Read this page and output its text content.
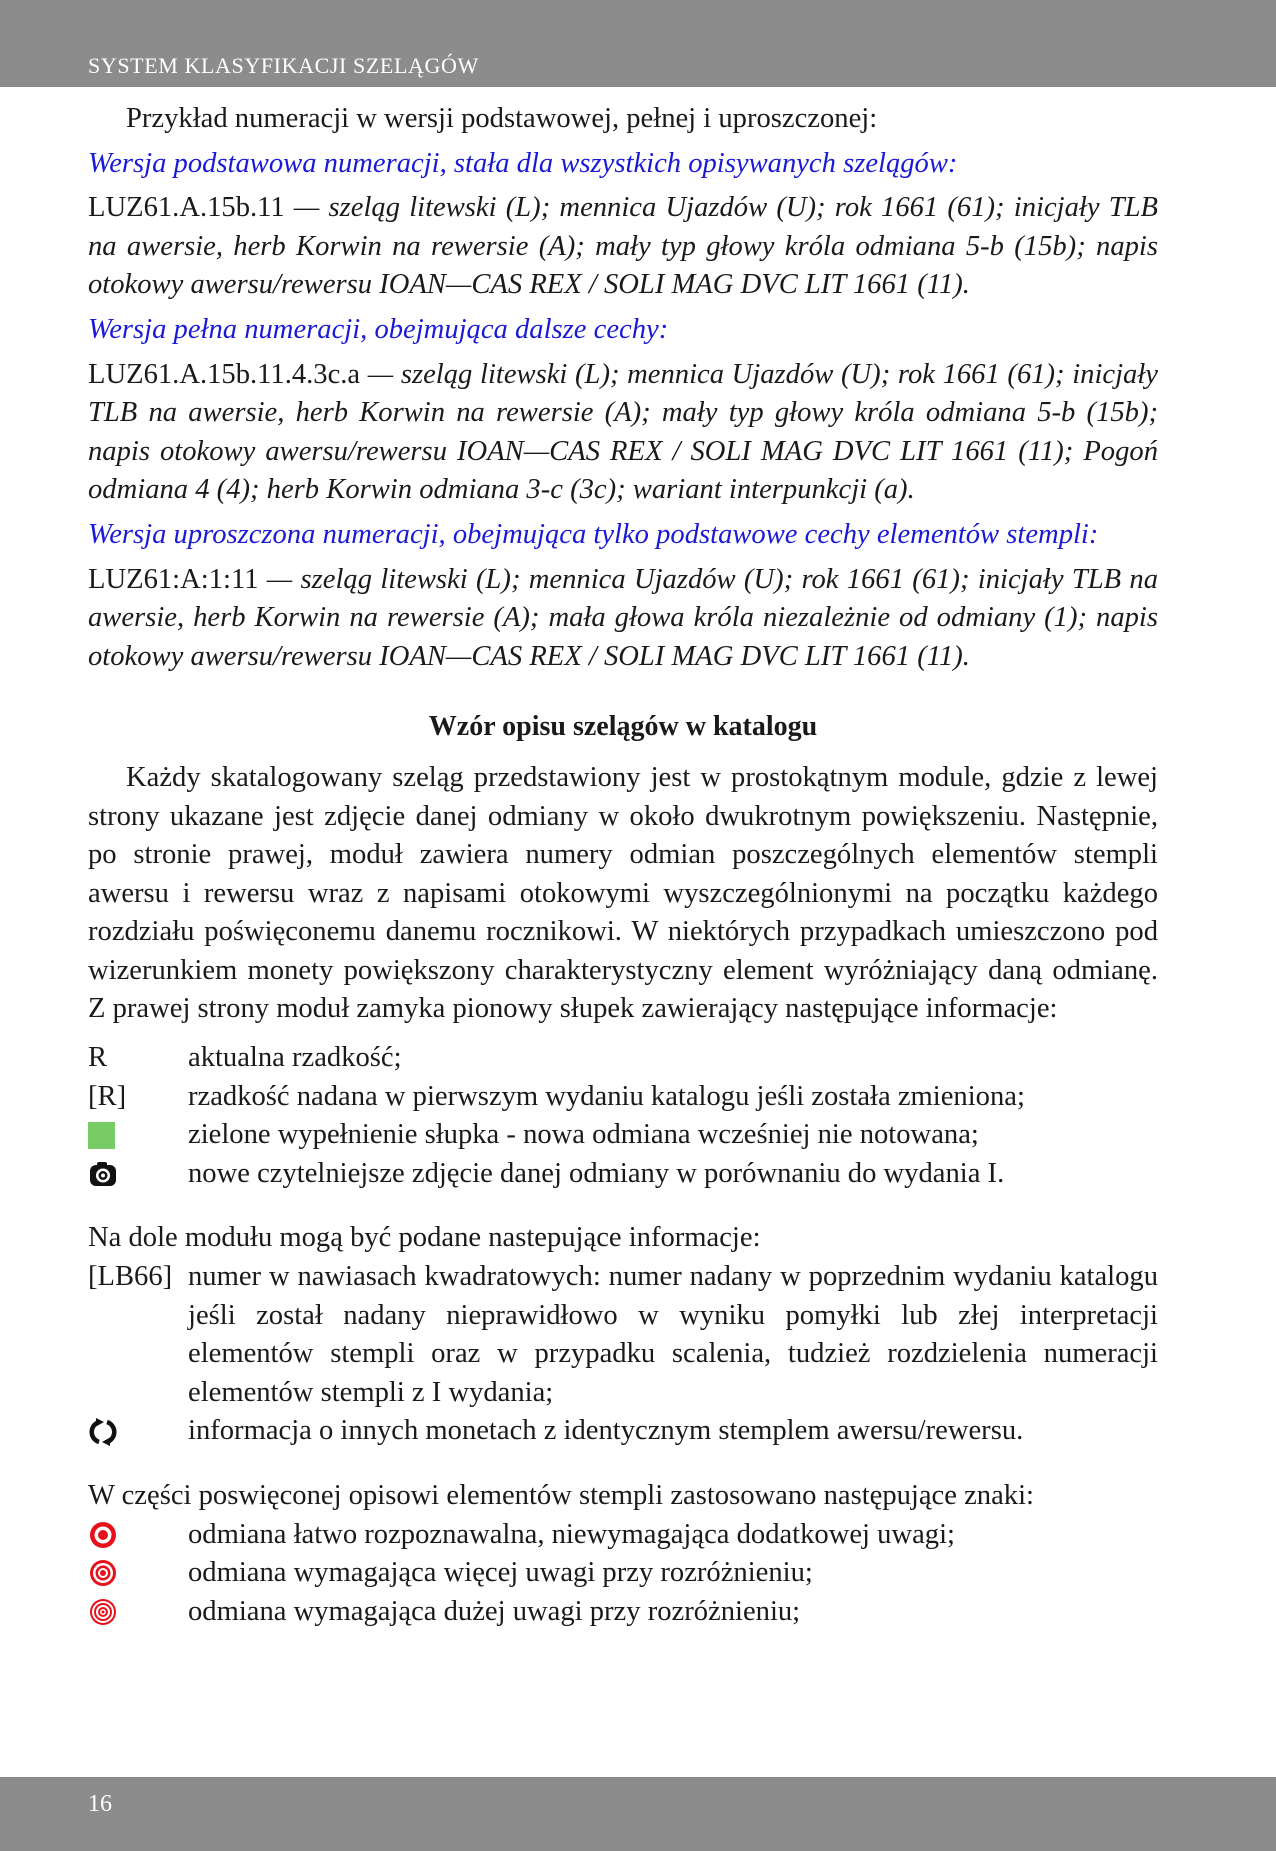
SYSTEM KLASYFIKACJI SZELĄGÓW

Przykład numeracji w wersji podstawowej, pełnej i uproszczonej:

Wersja podstawowa numeracji, stała dla wszystkich opisywanych szelągów:

LUZ61.A.15b.11 — szeląg litewski (L); mennica Ujazdów (U); rok 1661 (61); inicjały TLB na awersie, herb Korwin na rewersie (A); mały typ głowy króla odmiana 5-b (15b); napis otokowy awersu/rewersu IOAN—CAS REX / SOLI MAG DVC LIT 1661 (11).

Wersja pełna numeracji, obejmująca dalsze cechy:

LUZ61.A.15b.11.4.3c.a — szeląg litewski (L); mennica Ujazdów (U); rok 1661 (61); inicjały TLB na awersie, herb Korwin na rewersie (A); mały typ głowy króla odmiana 5-b (15b); napis otokowy awersu/rewersu IOAN—CAS REX / SOLI MAG DVC LIT 1661 (11); Pogoń odmiana 4 (4); herb Korwin odmiana 3-c (3c); wariant interpunkcji (a).

Wersja uproszczona numeracji, obejmująca tylko podstawowe cechy elementów stempli:

LUZ61:A:1:11 — szeląg litewski (L); mennica Ujazdów (U); rok 1661 (61); inicjały TLB na awersie, herb Korwin na rewersie (A); mała głowa króla niezależnie od odmiany (1); napis otokowy awersu/rewersu IOAN—CAS REX / SOLI MAG DVC LIT 1661 (11).

Wzór opisu szelągów w katalogu

Każdy skatalogowany szeląg przedstawiony jest w prostokątnym module, gdzie z lewej strony ukazane jest zdjęcie danej odmiany w około dwukrotnym powiększeniu. Następnie, po stronie prawej, moduł zawiera numery odmian poszczególnych elementów stempli awersu i rewersu wraz z napisami otokowymi wyszczególnionymi na początku każdego rozdziału poświęconemu danemu rocznikowi. W niektórych przypadkach umieszczono pod wizerunkiem monety powiększony charakterystyczny element wyróżniający daną odmianę. Z prawej strony moduł zamyka pionowy słupek zawierający następujące informacje:

R	aktualna rzadkość;
[R]	rzadkość nadana w pierwszym wydaniu katalogu jeśli została zmieniona;
zielone wypełnienie słupka - nowa odmiana wcześniej nie notowana;
nowe czytelniejsze zdjęcie danej odmiany w porównaniu do wydania I.

Na dole modułu mogą być podane nastepujące informacje:

[LB66] numer w nawiasach kwadratowych: numer nadany w poprzednim wydaniu katalogu jeśli został nadany nieprawidłowo w wyniku pomyłki lub złej interpretacji elementów stempli oraz w przypadku scalenia, tudzież rozdzielenia numeracji elementów stempli z I wydania;
informacja o innych monetach z identycznym stemplem awersu/rewersu.

W części poswięconej opisowi elementów stempli zastosowano następujące znaki:

odmiana łatwo rozpoznawalna, niewymagająca dodatkowej uwagi;
odmiana wymagająca więcej uwagi przy rozróżnieniu;
odmiana wymagająca dużej uwagi przy rozróżnieniu;
16
